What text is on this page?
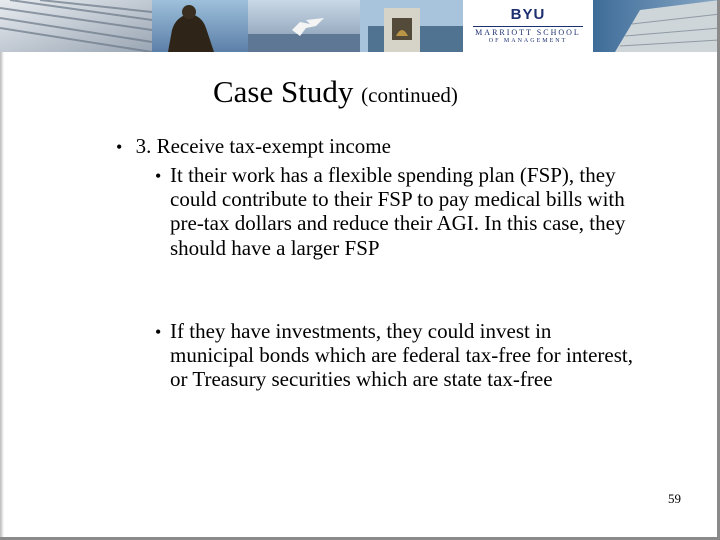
BYU
MARRIOTT SCHOOL
OF MANAGEMENT
Case Study (continued)
• 3. Receive tax-exempt income
• It their work has a flexible spending plan (FSP), they could contribute to their FSP to pay medical bills with pre-tax dollars and reduce their AGI. In this case, they should have a larger FSP
• If they have investments, they could invest in municipal bonds which are federal tax-free for interest, or Treasury securities which are state tax-free
59
